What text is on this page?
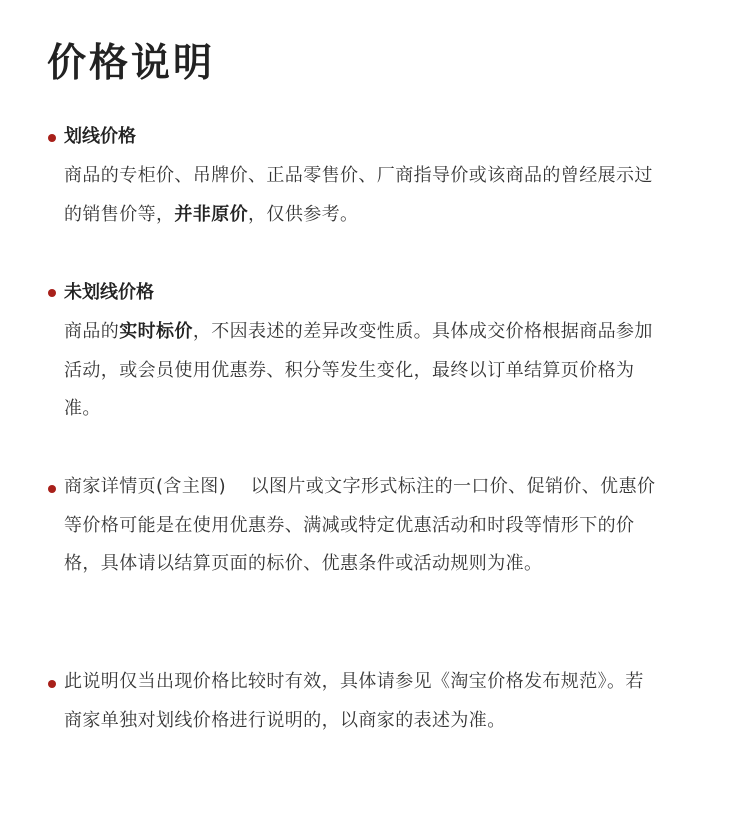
价格说明
划线价格

商品的专柜价、吊牌价、正品零售价、厂商指导价或该商品的曾经展示过的销售价等，并非原价，仅供参考。

未划线价格

商品的实时标价，不因表述的差异改变性质。具体成交价格根据商品参加活动，或会员使用优惠券、积分等发生变化，最终以订单结算页价格为准。

商家详情页(含主图)　 以图片或文字形式标注的一口价、促销价、优惠价等价格可能是在使用优惠券、满减或特定优惠活动和时段等情形下的价格，具体请以结算页面的标价、优惠条件或活动规则为准。

此说明仅当出现价格比较时有效，具体请参见《淘宝价格发布规范》。若商家单独对划线价格进行说明的，以商家的表述为准。
